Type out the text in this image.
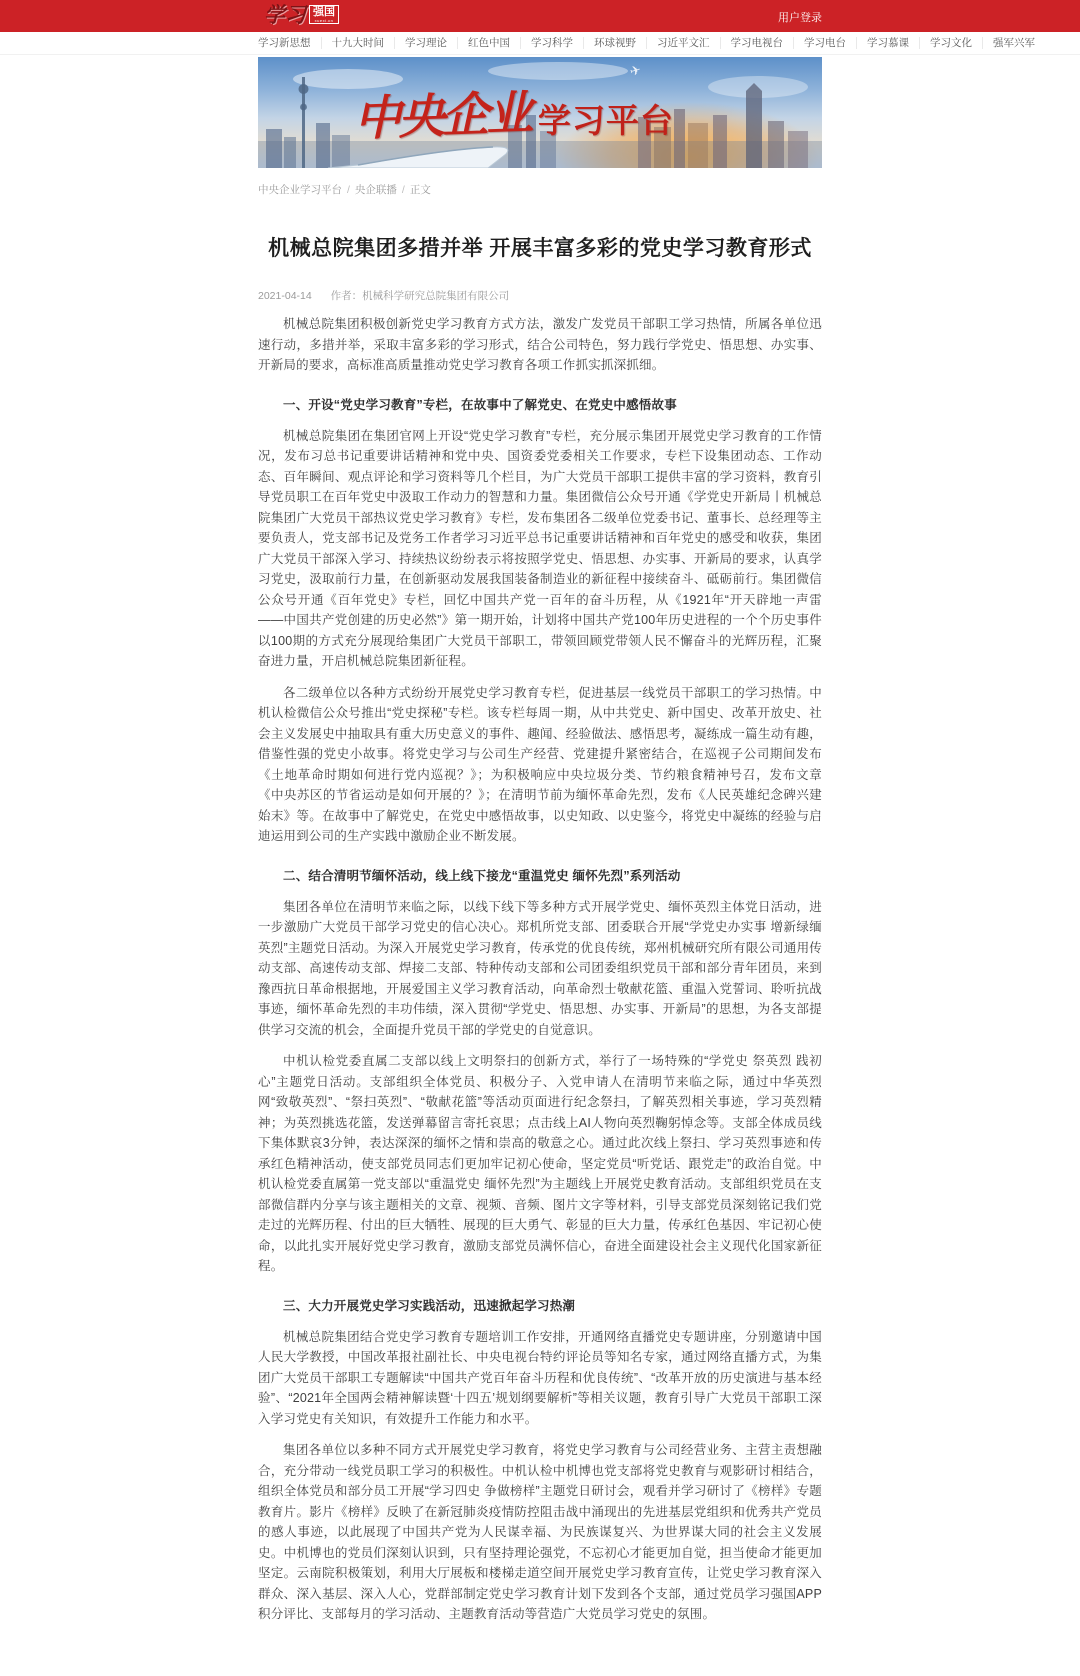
学习 强国
xuexi.cn	用户登录
学习新思想	十九大时间	学习理论	红色中国	学习科学	环球视野	习近平文汇	学习电视台	学习电台	学习慕课	学习文化	强军兴军
中央企业 学习平台
✈
中央企业学习平台 / 央企联播 / 正文
机械总院集团多措并举 开展丰富多彩的党史学习教育形式
2021-04-14 作者：机械科学研究总院集团有限公司
机械总院集团积极创新党史学习教育方式方法，激发广发党员干部职工学习热情，所属各单位迅速行动，多措并举，采取丰富多彩的学习形式，结合公司特色，努力践行学党史、悟思想、办实事、开新局的要求，高标准高质量推动党史学习教育各项工作抓实抓深抓细。
一、开设“党史学习教育”专栏，在故事中了解党史、在党史中感悟故事
机械总院集团在集团官网上开设“党史学习教育”专栏，充分展示集团开展党史学习教育的工作情况，发布习总书记重要讲话精神和党中央、国资委党委相关工作要求，专栏下设集团动态、工作动态、百年瞬间、观点评论和学习资料等几个栏目，为广大党员干部职工提供丰富的学习资料，教育引导党员职工在百年党史中汲取工作动力的智慧和力量。集团微信公众号开通《学党史开新局丨机械总院集团广大党员干部热议党史学习教育》专栏，发布集团各二级单位党委书记、董事长、总经理等主要负责人，党支部书记及党务工作者学习习近平总书记重要讲话精神和百年党史的感受和收获，集团广大党员干部深入学习、持续热议纷纷表示将按照学党史、悟思想、办实事、开新局的要求，认真学习党史，汲取前行力量，在创新驱动发展我国装备制造业的新征程中接续奋斗、砥砺前行。集团微信公众号开通《百年党史》专栏，回忆中国共产党一百年的奋斗历程，从《1921年“开天辟地一声雷——中国共产党创建的历史必然”》第一期开始，计划将中国共产党100年历史进程的一个个历史事件以100期的方式充分展现给集团广大党员干部职工，带领回顾党带领人民不懈奋斗的光辉历程，汇聚奋进力量，开启机械总院集团新征程。
各二级单位以各种方式纷纷开展党史学习教育专栏，促进基层一线党员干部职工的学习热情。中机认检微信公众号推出“党史探秘”专栏。该专栏每周一期，从中共党史、新中国史、改革开放史、社会主义发展史中抽取具有重大历史意义的事件、趣闻、经验做法、感悟思考，凝练成一篇生动有趣，借鉴性强的党史小故事。将党史学习与公司生产经营、党建提升紧密结合，在巡视子公司期间发布《土地革命时期如何进行党内巡视？》；为积极响应中央垃圾分类、节约粮食精神号召，发布文章《中央苏区的节省运动是如何开展的？》；在清明节前为缅怀革命先烈，发布《人民英雄纪念碑兴建始末》等。在故事中了解党史，在党史中感悟故事，以史知政、以史鉴今，将党史中凝练的经验与启迪运用到公司的生产实践中激励企业不断发展。
二、结合清明节缅怀活动，线上线下接龙“重温党史 缅怀先烈”系列活动
集团各单位在清明节来临之际，以线下线下等多种方式开展学党史、缅怀英烈主体党日活动，进一步激励广大党员干部学习党史的信心决心。郑机所党支部、团委联合开展“学党史办实事 增新绿缅英烈”主题党日活动。为深入开展党史学习教育，传承党的优良传统，郑州机械研究所有限公司通用传动支部、高速传动支部、焊接二支部、特种传动支部和公司团委组织党员干部和部分青年团员，来到豫西抗日革命根据地，开展爱国主义学习教育活动，向革命烈士敬献花篮、重温入党誓词、聆听抗战事迹，缅怀革命先烈的丰功伟绩，深入贯彻“学党史、悟思想、办实事、开新局”的思想，为各支部提供学习交流的机会，全面提升党员干部的学党史的自觉意识。
中机认检党委直属二支部以线上文明祭扫的创新方式，举行了一场特殊的“学党史 祭英烈 践初心”主题党日活动。支部组织全体党员、积极分子、入党申请人在清明节来临之际，通过中华英烈网“致敬英烈”、“祭扫英烈”、“敬献花篮”等活动页面进行纪念祭扫，了解英烈相关事迹，学习英烈精神；为英烈挑选花篮，发送弹幕留言寄托哀思；点击线上AI人物向英烈鞠躬悼念等。支部全体成员线下集体默哀3分钟，表达深深的缅怀之情和崇高的敬意之心。通过此次线上祭扫、学习英烈事迹和传承红色精神活动，使支部党员同志们更加牢记初心使命，坚定党员“听党话、跟党走”的政治自觉。中机认检党委直属第一党支部以“重温党史 缅怀先烈”为主题线上开展党史教育活动。支部组织党员在支部微信群内分享与该主题相关的文章、视频、音频、图片文字等材料，引导支部党员深刻铭记我们党走过的光辉历程、付出的巨大牺牲、展现的巨大勇气、彰显的巨大力量，传承红色基因、牢记初心使命，以此扎实开展好党史学习教育，激励支部党员满怀信心，奋进全面建设社会主义现代化国家新征程。
三、大力开展党史学习实践活动，迅速掀起学习热潮
机械总院集团结合党史学习教育专题培训工作安排，开通网络直播党史专题讲座，分别邀请中国人民大学教授，中国改革报社副社长、中央电视台特约评论员等知名专家，通过网络直播方式，为集团广大党员干部职工专题解读“中国共产党百年奋斗历程和优良传统”、“改革开放的历史演进与基本经验”、“2021年全国两会精神解读暨‘十四五’规划纲要解析”等相关议题，教育引导广大党员干部职工深入学习党史有关知识，有效提升工作能力和水平。
集团各单位以多种不同方式开展党史学习教育，将党史学习教育与公司经营业务、主营主责想融合，充分带动一线党员职工学习的积极性。中机认检中机博也党支部将党史教育与观影研讨相结合，组织全体党员和部分员工开展“学习四史 争做榜样”主题党日研讨会，观看并学习研讨了《榜样》专题教育片。影片《榜样》反映了在新冠肺炎疫情防控阻击战中涌现出的先进基层党组织和优秀共产党员的感人事迹，以此展现了中国共产党为人民谋幸福、为民族谋复兴、为世界谋大同的社会主义发展史。中机博也的党员们深刻认识到，只有坚持理论强党，不忘初心才能更加自觉，担当使命才能更加坚定。云南院积极策划，利用大厅展板和楼梯走道空间开展党史学习教育宣传，让党史学习教育深入群众、深入基层、深入人心，党群部制定党史学习教育计划下发到各个支部，通过党员学习强国APP积分评比、支部每月的学习活动、主题教育活动等营造广大党员学习党史的氛围。
